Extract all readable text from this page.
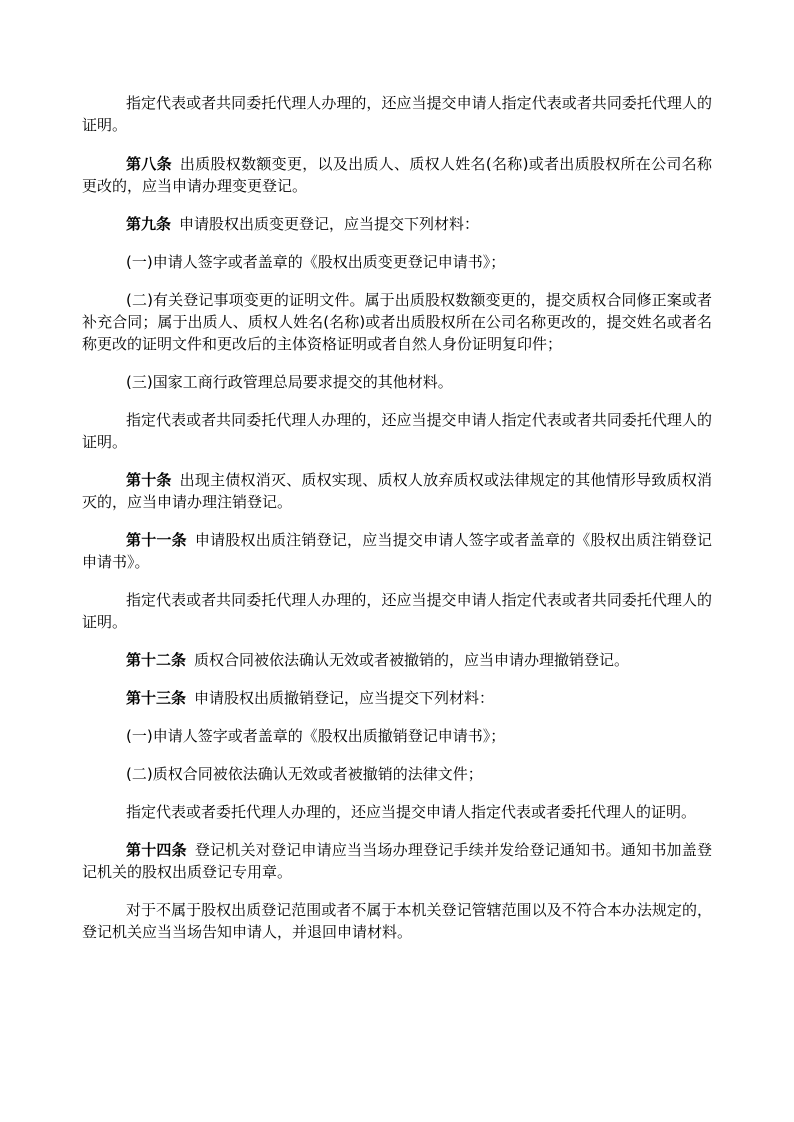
指定代表或者共同委托代理人办理的，还应当提交申请人指定代表或者共同委托代理人的证明。

第八条 出质股权数额变更，以及出质人、质权人姓名(名称)或者出质股权所在公司名称更改的，应当申请办理变更登记。

第九条 申请股权出质变更登记，应当提交下列材料：

(一)申请人签字或者盖章的《股权出质变更登记申请书》；

(二)有关登记事项变更的证明文件。属于出质股权数额变更的，提交质权合同修正案或者补充合同；属于出质人、质权人姓名(名称)或者出质股权所在公司名称更改的，提交姓名或者名称更改的证明文件和更改后的主体资格证明或者自然人身份证明复印件；

(三)国家工商行政管理总局要求提交的其他材料。

指定代表或者共同委托代理人办理的，还应当提交申请人指定代表或者共同委托代理人的证明。

第十条 出现主债权消灭、质权实现、质权人放弃质权或法律规定的其他情形导致质权消灭的，应当申请办理注销登记。

第十一条 申请股权出质注销登记，应当提交申请人签字或者盖章的《股权出质注销登记申请书》。

指定代表或者共同委托代理人办理的，还应当提交申请人指定代表或者共同委托代理人的证明。

第十二条 质权合同被依法确认无效或者被撤销的，应当申请办理撤销登记。

第十三条 申请股权出质撤销登记，应当提交下列材料：

(一)申请人签字或者盖章的《股权出质撤销登记申请书》；

(二)质权合同被依法确认无效或者被撤销的法律文件；

指定代表或者委托代理人办理的，还应当提交申请人指定代表或者委托代理人的证明。

第十四条 登记机关对登记申请应当当场办理登记手续并发给登记通知书。通知书加盖登记机关的股权出质登记专用章。

对于不属于股权出质登记范围或者不属于本机关登记管辖范围以及不符合本办法规定的，登记机关应当当场告知申请人，并退回申请材料。
